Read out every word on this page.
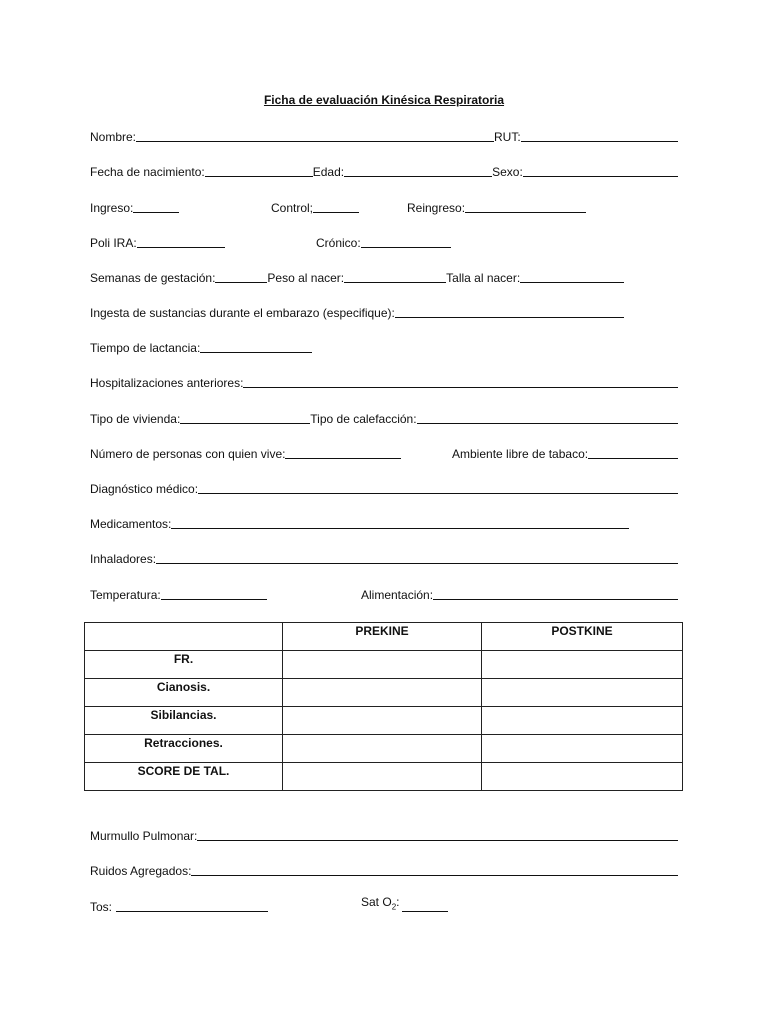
Ficha de evaluación Kinésica Respiratoria
Nombre:	RUT:
Fecha de nacimiento:	Edad:	Sexo:
Ingreso:	Control;	Reingreso:
Poli IRA:	Crónico:
Semanas de gestación:	Peso al nacer:	Talla al nacer:
Ingesta de sustancias durante el embarazo (especifique):
Tiempo de lactancia:
Hospitalizaciones anteriores:
Tipo de vivienda:	Tipo de calefacción:
Número de personas con quien vive:	Ambiente libre de tabaco:
Diagnóstico médico:
Medicamentos:
Inhaladores:
Temperatura:	Alimentación:
	PREKINE	POSTKINE
FR.		
Cianosis.		
Sibilancias.		
Retracciones.		
SCORE DE TAL.		
Murmullo Pulmonar:
Ruidos Agregados:
Tos:	Sat $O_2$:
